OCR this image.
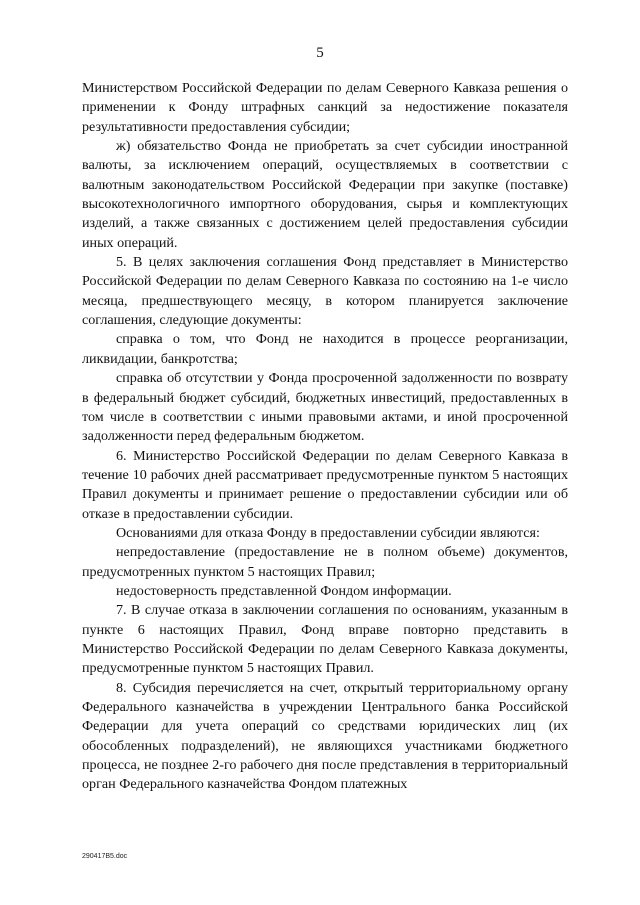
5

Министерством Российской Федерации по делам Северного Кавказа решения о применении к Фонду штрафных санкций за недостижение показателя результативности предоставления субсидии;

ж) обязательство Фонда не приобретать за счет субсидии иностранной валюты, за исключением операций, осуществляемых в соответствии с валютным законодательством Российской Федерации при закупке (поставке) высокотехнологичного импортного оборудования, сырья и комплектующих изделий, а также связанных с достижением целей предоставления субсидии иных операций.

5. В целях заключения соглашения Фонд представляет в Министерство Российской Федерации по делам Северного Кавказа по состоянию на 1-е число месяца, предшествующего месяцу, в котором планируется заключение соглашения, следующие документы:

справка о том, что Фонд не находится в процессе реорганизации, ликвидации, банкротства;

справка об отсутствии у Фонда просроченной задолженности по возврату в федеральный бюджет субсидий, бюджетных инвестиций, предоставленных в том числе в соответствии с иными правовыми актами, и иной просроченной задолженности перед федеральным бюджетом.

6. Министерство Российской Федерации по делам Северного Кавказа в течение 10 рабочих дней рассматривает предусмотренные пунктом 5 настоящих Правил документы и принимает решение о предоставлении субсидии или об отказе в предоставлении субсидии.

Основаниями для отказа Фонду в предоставлении субсидии являются:

непредоставление (предоставление не в полном объеме) документов, предусмотренных пунктом 5 настоящих Правил;

недостоверность представленной Фондом информации.

7. В случае отказа в заключении соглашения по основаниям, указанным в пункте 6 настоящих Правил, Фонд вправе повторно представить в Министерство Российской Федерации по делам Северного Кавказа документы, предусмотренные пунктом 5 настоящих Правил.

8. Субсидия перечисляется на счет, открытый территориальному органу Федерального казначейства в учреждении Центрального банка Российской Федерации для учета операций со средствами юридических лиц (их обособленных подразделений), не являющихся участниками бюджетного процесса, не позднее 2-го рабочего дня после представления в территориальный орган Федерального казначейства Фондом платежных

290417B5.doc
